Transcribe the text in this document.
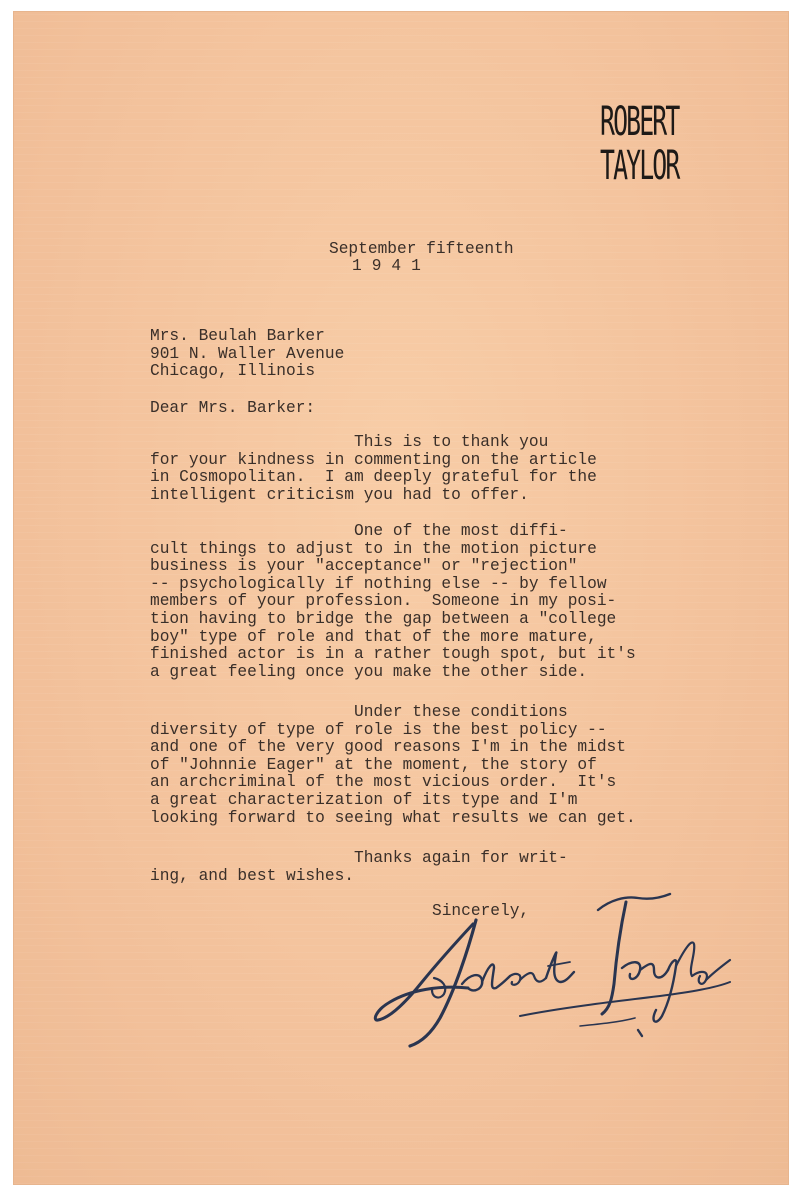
ROBERT
TAYLOR
September fifteenth
1941
Mrs. Beulah Barker
901 N. Waller Avenue
Chicago, Illinois
Dear Mrs. Barker:
This is to thank you
for your kindness in commenting on the article
in Cosmopolitan.  I am deeply grateful for the
intelligent criticism you had to offer.
One of the most diffi-
cult things to adjust to in the motion picture
business is your "acceptance" or "rejection"
-- psychologically if nothing else -- by fellow
members of your profession.  Someone in my posi-
tion having to bridge the gap between a "college
boy" type of role and that of the more mature,
finished actor is in a rather tough spot, but it's
a great feeling once you make the other side.
Under these conditions
diversity of type of role is the best policy --
and one of the very good reasons I'm in the midst
of "Johnnie Eager" at the moment, the story of
an archcriminal of the most vicious order.  It's
a great characterization of its type and I'm
looking forward to seeing what results we can get.
Thanks again for writ-
ing, and best wishes.
Sincerely,
